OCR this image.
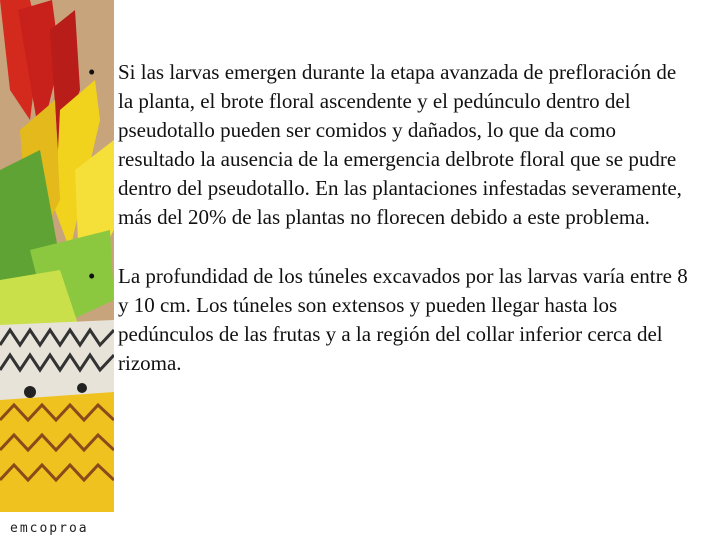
emcoproa
• Si las larvas emergen durante la etapa avanzada de prefloración de la planta, el brote floral ascendente y el pedúnculo dentro del pseudotallo pueden ser comidos y dañados, lo que da como resultado la ausencia de la emergencia delbrote floral que se pudre dentro del pseudotallo. En las plantaciones infestadas severamente, más del 20% de las plantas no florecen debido a este problema.
• La profundidad de los túneles excavados por las larvas varía entre 8 y 10 cm. Los túneles son extensos y pueden llegar hasta los pedúnculos de las frutas y a la región del collar inferior cerca del rizoma.
